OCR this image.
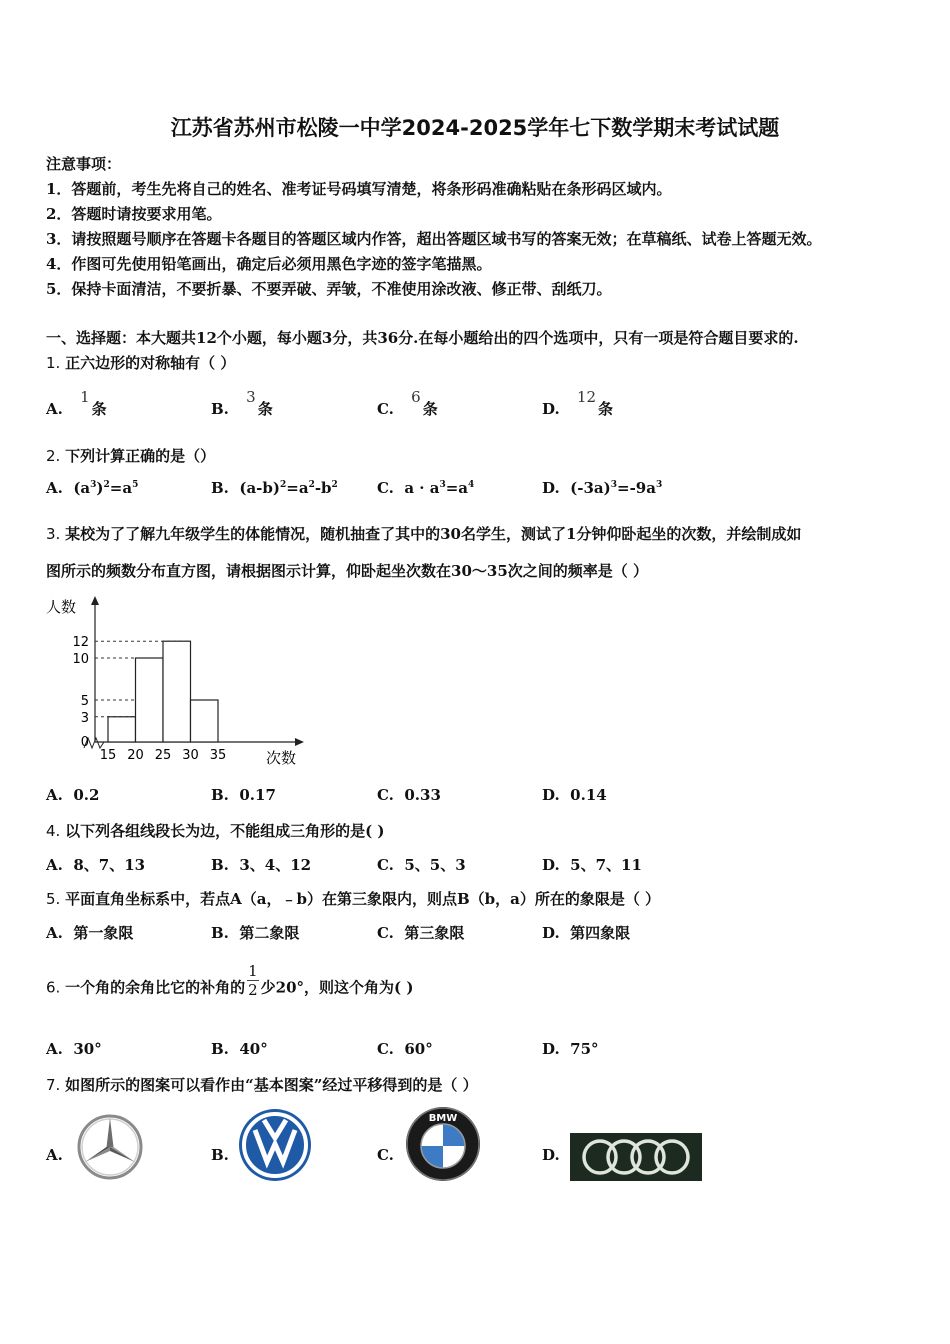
江苏省苏州市松陵一中学2024-2025学年七下数学期末考试试题
注意事项：
1．答题前，考生先将自己的姓名、准考证号码填写清楚，将条形码准确粘贴在条形码区域内。
2．答题时请按要求用笔。
3．请按照题号顺序在答题卡各题目的答题区域内作答，超出答题区域书写的答案无效；在草稿纸、试卷上答题无效。
4．作图可先使用铅笔画出，确定后必须用黑色字迹的签字笔描黑。
5．保持卡面清洁，不要折暴、不要弄破、弄皱，不准使用涂改液、修正带、刮纸刀。
一、选择题：本大题共12个小题，每小题3分，共36分.在每小题给出的四个选项中，只有一项是符合题目要求的.
1. 正六边形的对称轴有（ ）
A. 1条	B. 3条	C. 6条	D. 12条
2. 下列计算正确的是（）
A. $(a^3)^2=a^5$	B. $(a-b)^2=a^2-b^2$	C. $a \cdot a^3=a^4$	D. $(-3a)^3=-9a^3$
3. 某校为了了解九年级学生的体能情况，随机抽查了其中的30名学生，测试了1分钟仰卧起坐的次数，并绘制成如
图所示的频数分布直方图，请根据图示计算，仰卧起坐次数在30～35次之间的频率是（ ）
人数
次数
0
3
5
10
12
15 20 25 30 35
A. 0.2	B. 0.17	C. 0.33	D. 0.14
4. 以下列各组线段长为边，不能组成三角形的是( )
A. 8、7、13	B. 3、4、12	C. 5、5、3	D. 5、7、11
5. 平面直角坐标系中，若点A（a，﹣b）在第三象限内，则点B（b，a）所在的象限是（ ）
A. 第一象限	B. 第二象限	C. 第三象限	D. 第四象限
6. 一个角的余角比它的补角的 $\frac{1}{2}$ 少20°，则这个角为( )
A. 30°	B. 40°	C. 60°	D. 75°
7. 如图所示的图案可以看作由“基本图案”经过平移得到的是（ ）
A.	B.	C.
BMW
D.
